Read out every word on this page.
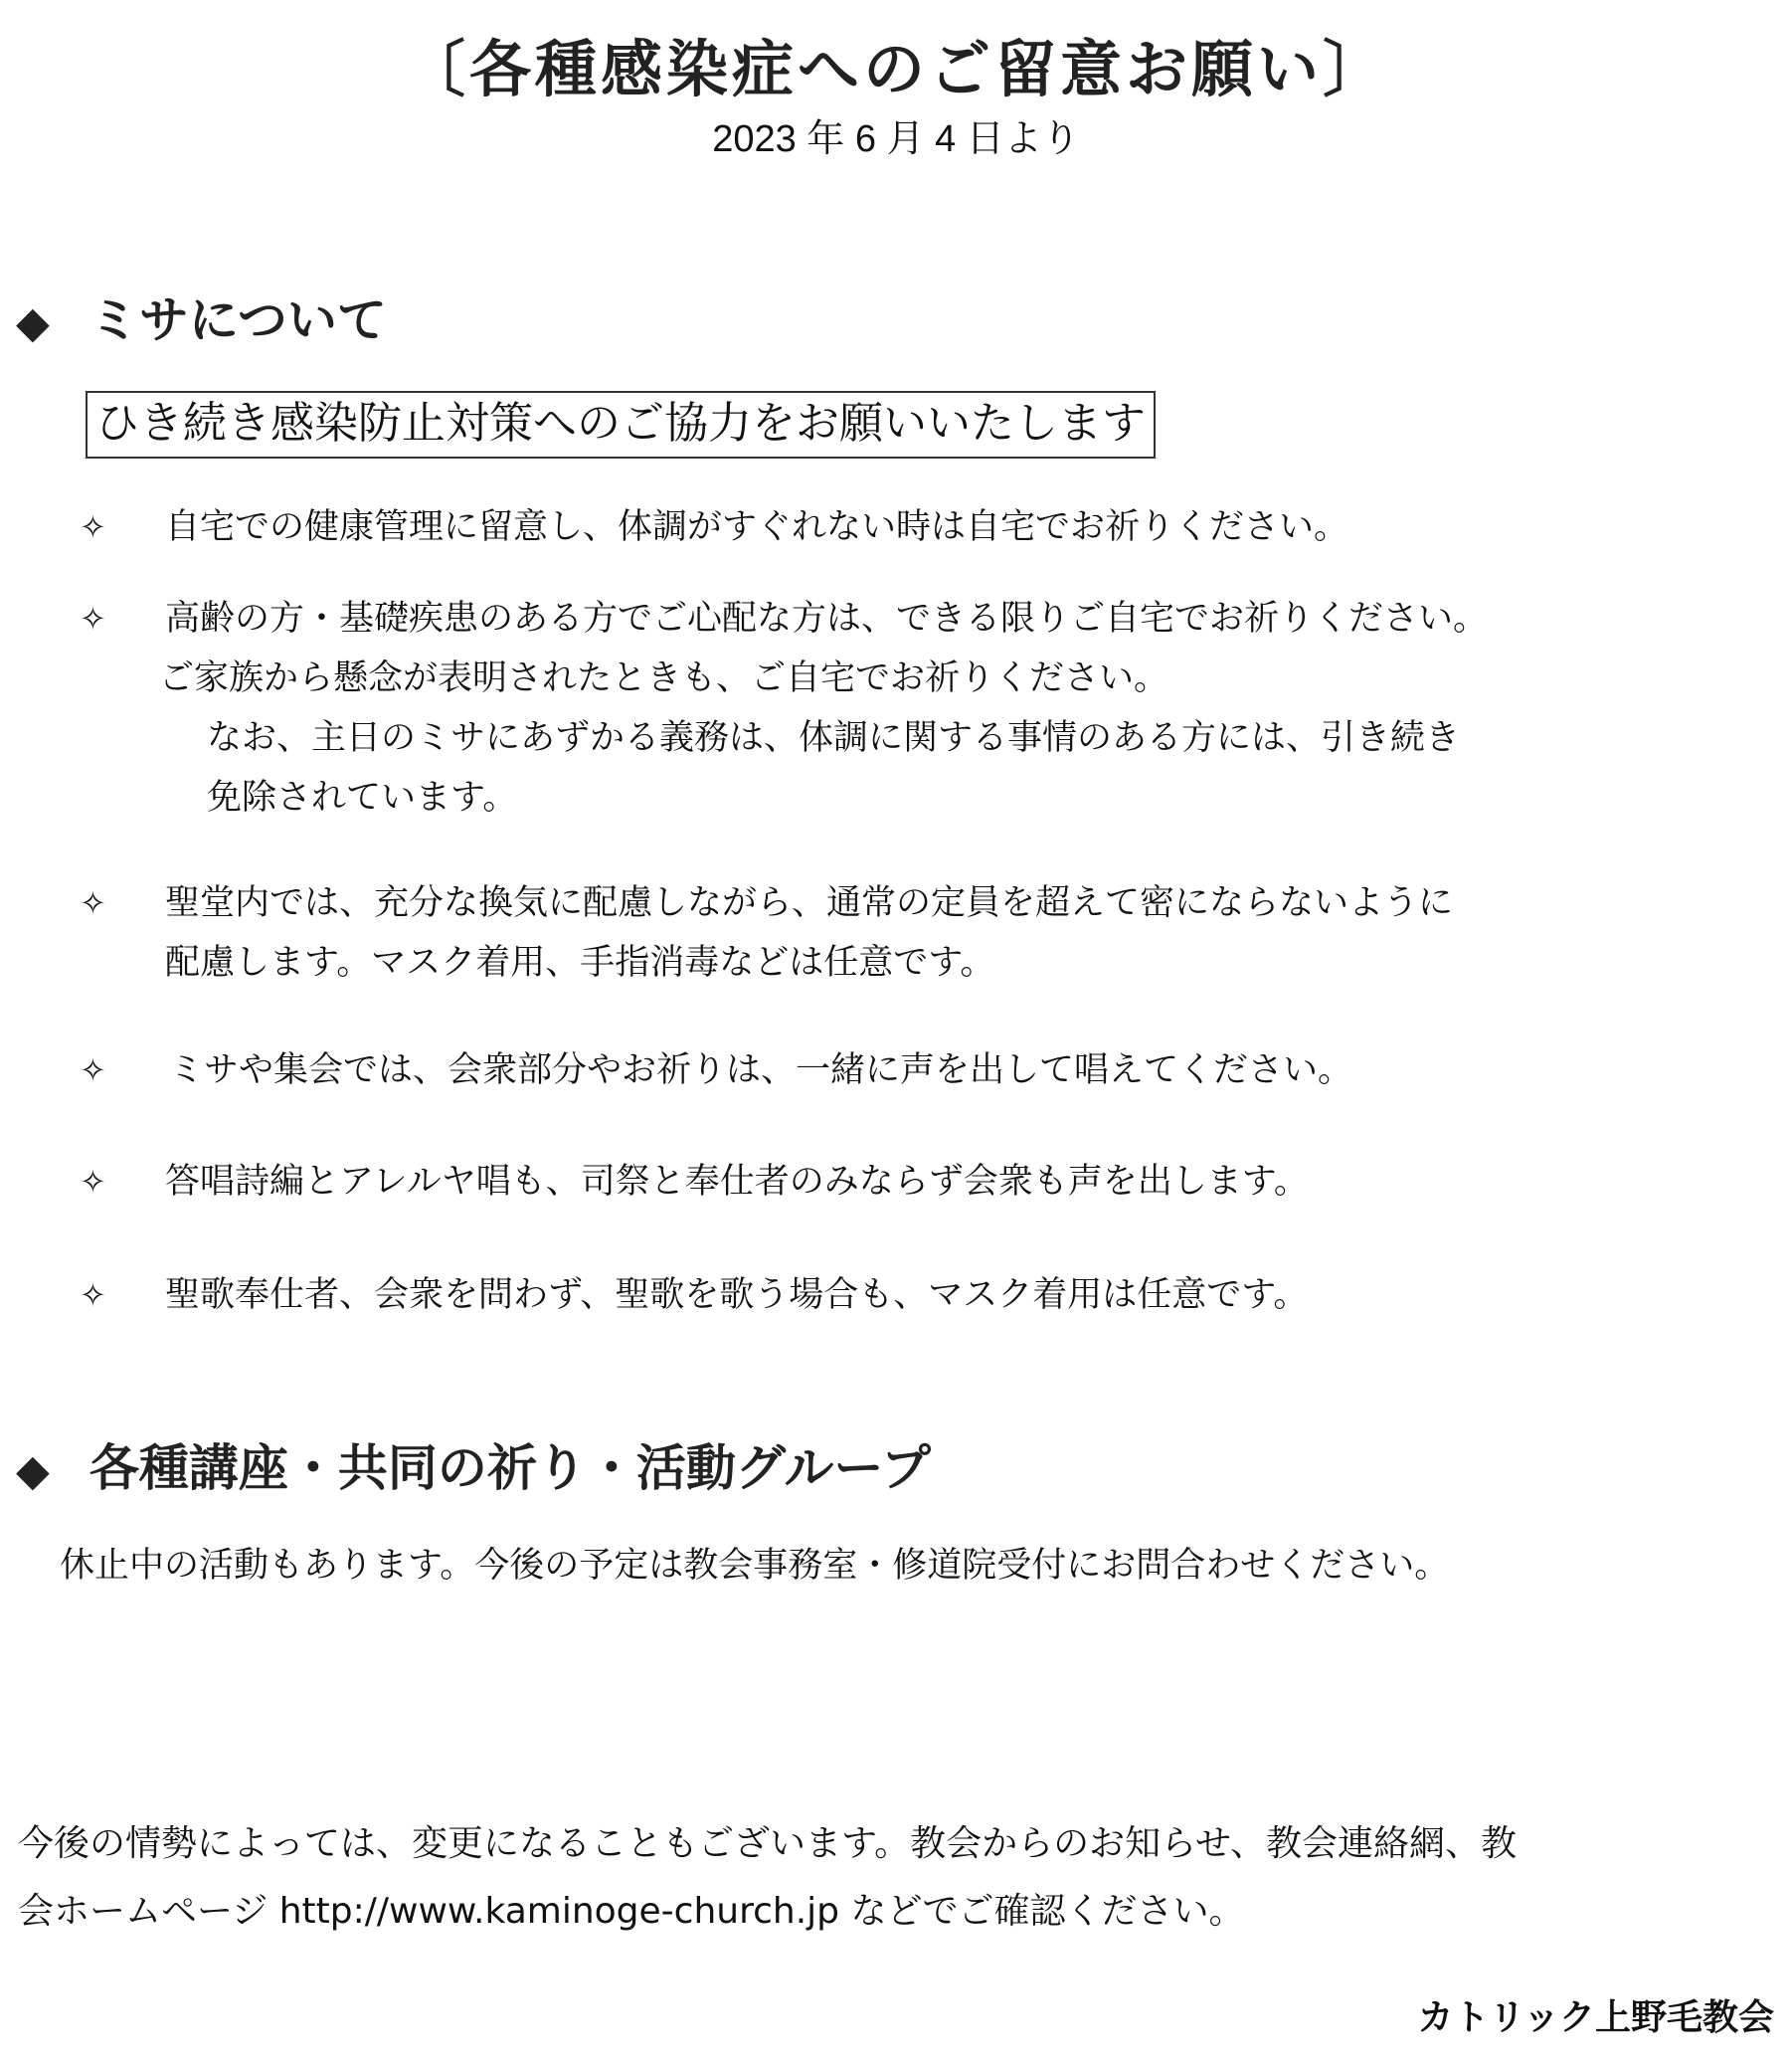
〔各種感染症へのご留意お願い〕
2023 年 6 月 4 日より
◆ ミサについて
ひき続き感染防止対策へのご協力をお願いいたします
✧ 自宅での健康管理に留意し、体調がすぐれない時は自宅でお祈りください。
✧ 高齢の方・基礎疾患のある方でご心配な方は、できる限りご自宅でお祈りください。
ご家族から懸念が表明されたときも、ご自宅でお祈りください。
なお、主日のミサにあずかる義務は、体調に関する事情のある方には、引き続き
免除されています。
✧ 聖堂内では、充分な換気に配慮しながら、通常の定員を超えて密にならないように
配慮します。マスク着用、手指消毒などは任意です。
✧ ミサや集会では、会衆部分やお祈りは、一緒に声を出して唱えてください。
✧ 答唱詩編とアレルヤ唱も、司祭と奉仕者のみならず会衆も声を出します。
✧ 聖歌奉仕者、会衆を問わず、聖歌を歌う場合も、マスク着用は任意です。
◆ 各種講座・共同の祈り・活動グループ
休止中の活動もあります。今後の予定は教会事務室・修道院受付にお問合わせください。
今後の情勢によっては、変更になることもございます。教会からのお知らせ、教会連絡網、教
会ホームページ http://www.kaminoge-church.jp などでご確認ください。
カトリック上野毛教会
